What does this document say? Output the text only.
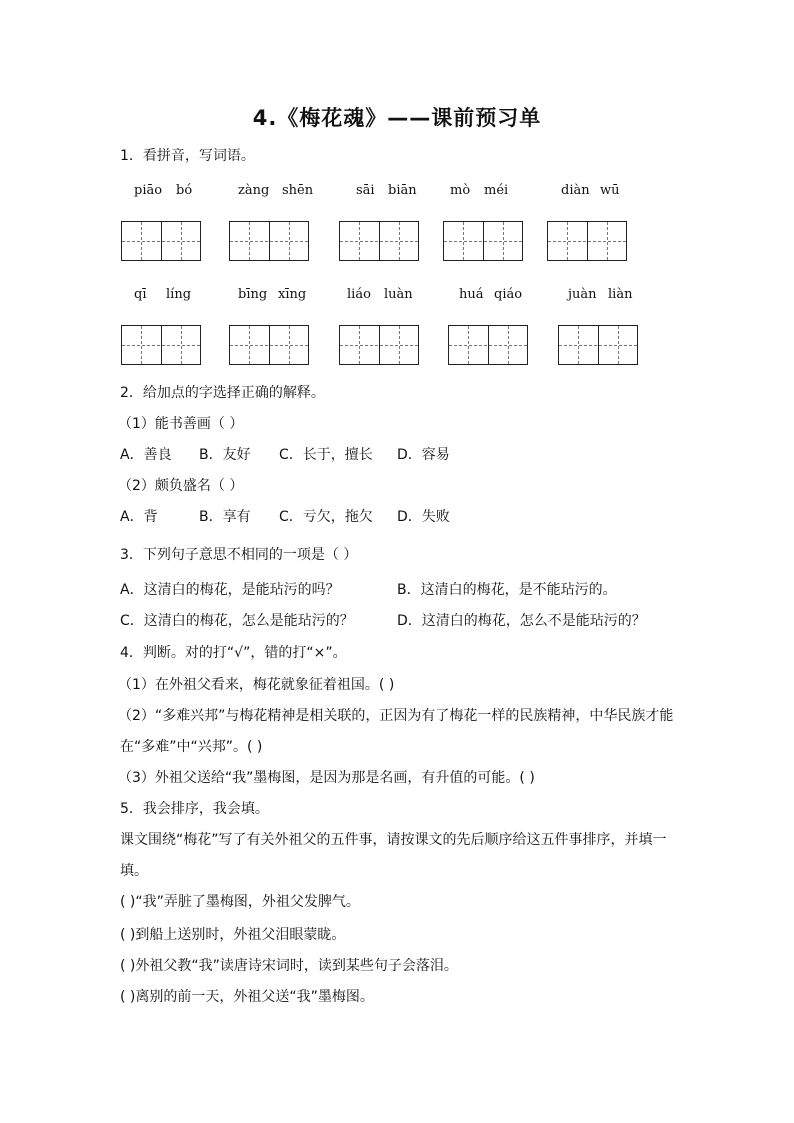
4.《梅花魂》——课前预习单
1．看拼音，写词语。
piāo bó	zàng shēn	sāi biān	mò méi	diàn wū
qī líng	bīng xīng	liáo luàn	huá qiáo	juàn liàn
2．给加点的字选择正确的解释。
（1）能书善画（ ）
A．善良 B．友好 C．长于，擅长 D．容易
（2）颇负盛名（ ）
A．背	B．享有 C．亏欠，拖欠 D．失败
3．下列句子意思不相同的一项是（ ）
A．这清白的梅花，是能玷污的吗？	B．这清白的梅花，是不能玷污的。
C．这清白的梅花，怎么是能玷污的？	D．这清白的梅花，怎么不是能玷污的？
4．判断。对的打“√”，错的打“×”。
（1）在外祖父看来，梅花就象征着祖国。( )
（2）“多难兴邦”与梅花精神是相关联的，正因为有了梅花一样的民族精神，中华民族才能
在“多难”中“兴邦”。( )
（3）外祖父送给“我”墨梅图，是因为那是名画，有升值的可能。( )
5．我会排序，我会填。
课文围绕“梅花”写了有关外祖父的五件事，请按课文的先后顺序给这五件事排序，并填一
填。
( )“我”弄脏了墨梅图，外祖父发脾气。
( )到船上送别时，外祖父泪眼蒙眬。
( )外祖父教“我”读唐诗宋词时，读到某些句子会落泪。
( )离别的前一天，外祖父送“我”墨梅图。
